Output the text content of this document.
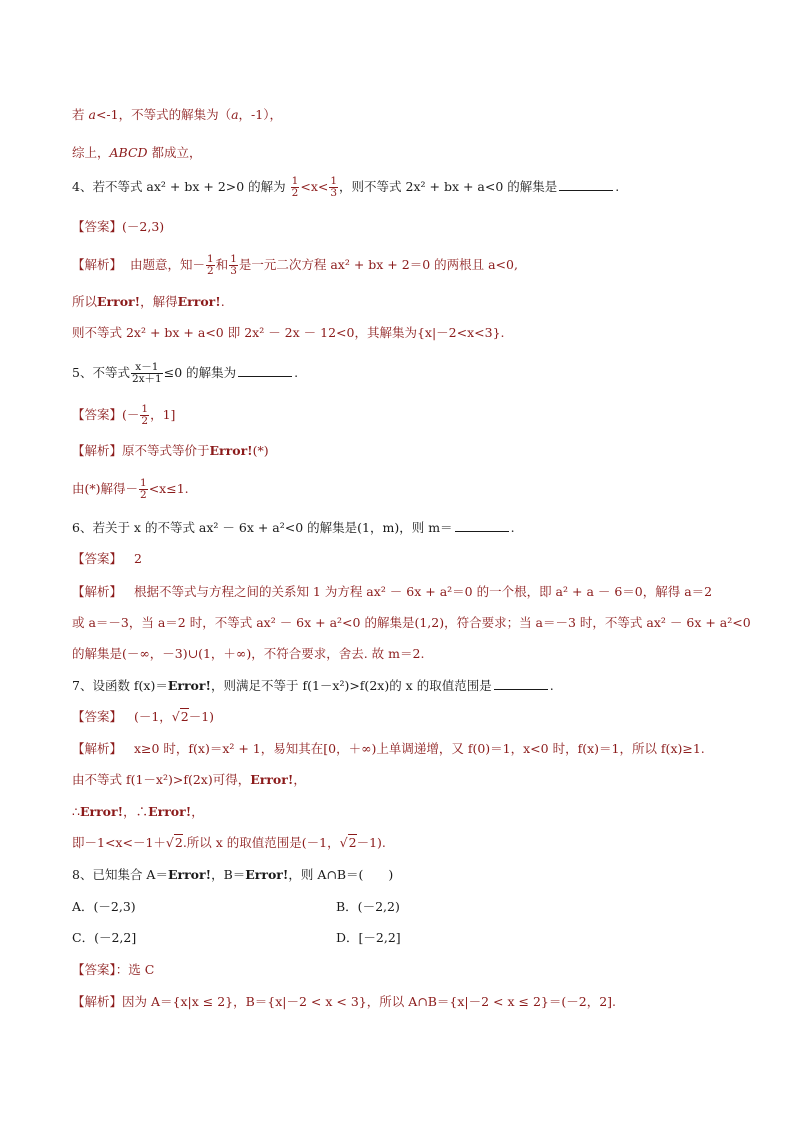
若 a<-1，不等式的解集为（a，-1），
综上，ABCD 都成立，
4、若不等式 ax² + bx + 2>0 的解为 $\frac{1}{2} <x< \frac{1}{3}$ ，则不等式 2x² + bx + a<0 的解集是	.
【答案】(－2,3)
【解析】 由题意，知－ $\frac{1}{2}$ 和 $\frac{1}{3}$ 是一元二次方程 ax² + bx + 2＝0 的两根且 a<0,
所以Error!，解得Error!.
则不等式 2x² + bx + a<0 即 2x² － 2x － 12<0，其解集为{x|－2<x<3}.
5、不等式 $\frac{x-1}{2x+1} \le 0$ 的解集为	.
【答案】(－ $\frac{1}{2}$ ，1]
【解析】原不等式等价于Error!(*)
由(*)解得－ $\frac{1}{2} <x\le 1$.
6、若关于 x 的不等式 ax² － 6x + a²<0 的解集是(1，m)，则 m＝	.
【答案】 2
【解析】 根据不等式与方程之间的关系知 1 为方程 ax² － 6x + a²＝0 的一个根，即 a² + a － 6＝0，解得 a＝2
或 a＝－3，当 a＝2 时，不等式 ax² － 6x + a²<0 的解集是(1,2)，符合要求；当 a＝－3 时，不等式 ax² － 6x + a²<0
的解集是(－∞，－3)∪(1，＋∞)，不符合要求，舍去. 故 m＝2.
7、设函数 f(x)＝Error!，则满足不等于 f(1－x²)>f(2x)的 x 的取值范围是	.
【答案】 (－1，√2－1)
【解析】 x≥0 时，f(x)＝x² + 1，易知其在[0，＋∞)上单调递增，又 f(0)＝1，x<0 时，f(x)＝1，所以 f(x)≥1.
由不等式 f(1－x²)>f(2x)可得，Error!，
∴Error!，∴Error!，
即－1<x<－1＋√2.所以 x 的取值范围是(－1，√2－1).
8、已知集合 A＝Error!，B＝Error!，则 A∩B＝(　　)
A．(－2,3)	B．(－2,2)
C．(－2,2]	D．[－2,2]
【答案】：选 C
【解析】因为 A＝{x|x ≤ 2}，B＝{x|－2 < x < 3}，所以 A∩B＝{x|－2 < x ≤ 2}＝(－2，2].
